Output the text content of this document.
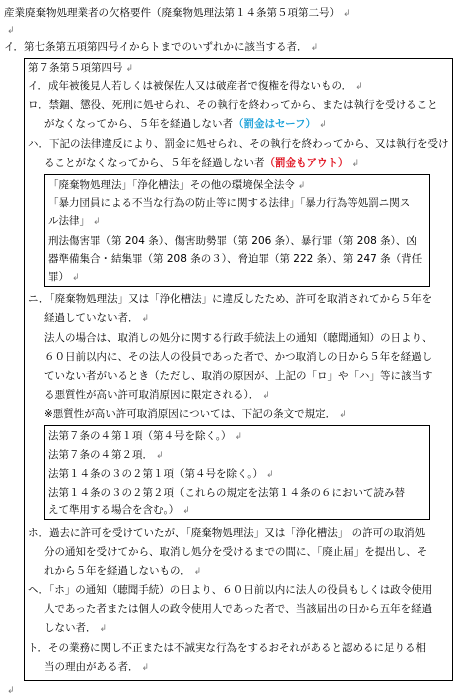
産業廃棄物処理業者の欠格要件（廃棄物処理法第１４条第５項第二号） ↲
↲
イ．第七条第五項第四号イからトまでのいずれかに該当する者． ↲
第７条第５項第四号 ↲
イ．成年被後見人若しくは被保佐人又は破産者で復権を得ないもの． ↲
ロ．禁錮、懲役、死刑に処せられ、その執行を終わってから、または執行を受けること
がなくなってから、５年を経過しない者（罰金はセーフ） ↲
ハ．下記の法律違反により、罰金に処せられ、その執行を終わってから、又は執行を受け
ることがなくなってから、５年を経過しない者（罰金もアウト） ↲
「廃棄物処理法」「浄化槽法」その他の環境保全法令 ↲
「暴力団員による不当な行為の防止等に関する法律」「暴力行為等処罰ニ関ス
ル法律」 ↲
刑法傷害罪（第 204 条）、傷害助勢罪（第 206 条）、暴行罪（第 208 条）、凶
器準備集合・結集罪（第 208 条の３）、脅迫罪（第 222 条）、第 247 条（背任
罪） ↲
ニ．「廃棄物処理法」又は「浄化槽法」に違反したため、許可を取消されてから５年を
経過していない者． ↲
法人の場合は、取消しの処分に関する行政手続法上の通知（聴聞通知）の日より、
６０日前以内に、その法人の役員であった者で、かつ取消しの日から５年を経過し
ていない者がいるとき（ただし、取消の原因が、上記の「ロ」や「ハ」等に該当す
る悪質性が高い許可取消原因に限定される）． ↲
※悪質性が高い許可取消原因については、下記の条文で規定． ↲
法第７条の４第１項（第４号を除く。） ↲
法第７条の４第２項． ↲
法第１４条の３の２第１項（第４号を除く。） ↲
法第１４条の３の２第２項（これらの規定を法第１４条の６において読み替
えて準用する場合を含む。） ↲
ホ．過去に許可を受けていたが、「廃棄物処理法」又は「浄化槽法」 の許可の取消処
分の通知を受けてから、取消し処分を受けるまでの間に、「廃止届」を提出し、そ
れから５年を経過しないもの． ↲
ヘ．「ホ」の通知（聴聞手続）の日より、６０日前以内に法人の役員もしくは政令使用
人であった者または個人の政令使用人であった者で、当該届出の日から五年を経過
しない者． ↲
ト．その業務に関し不正または不誠実な行為をするおそれがあると認めるに足りる相
当の理由がある者． ↲
↲
